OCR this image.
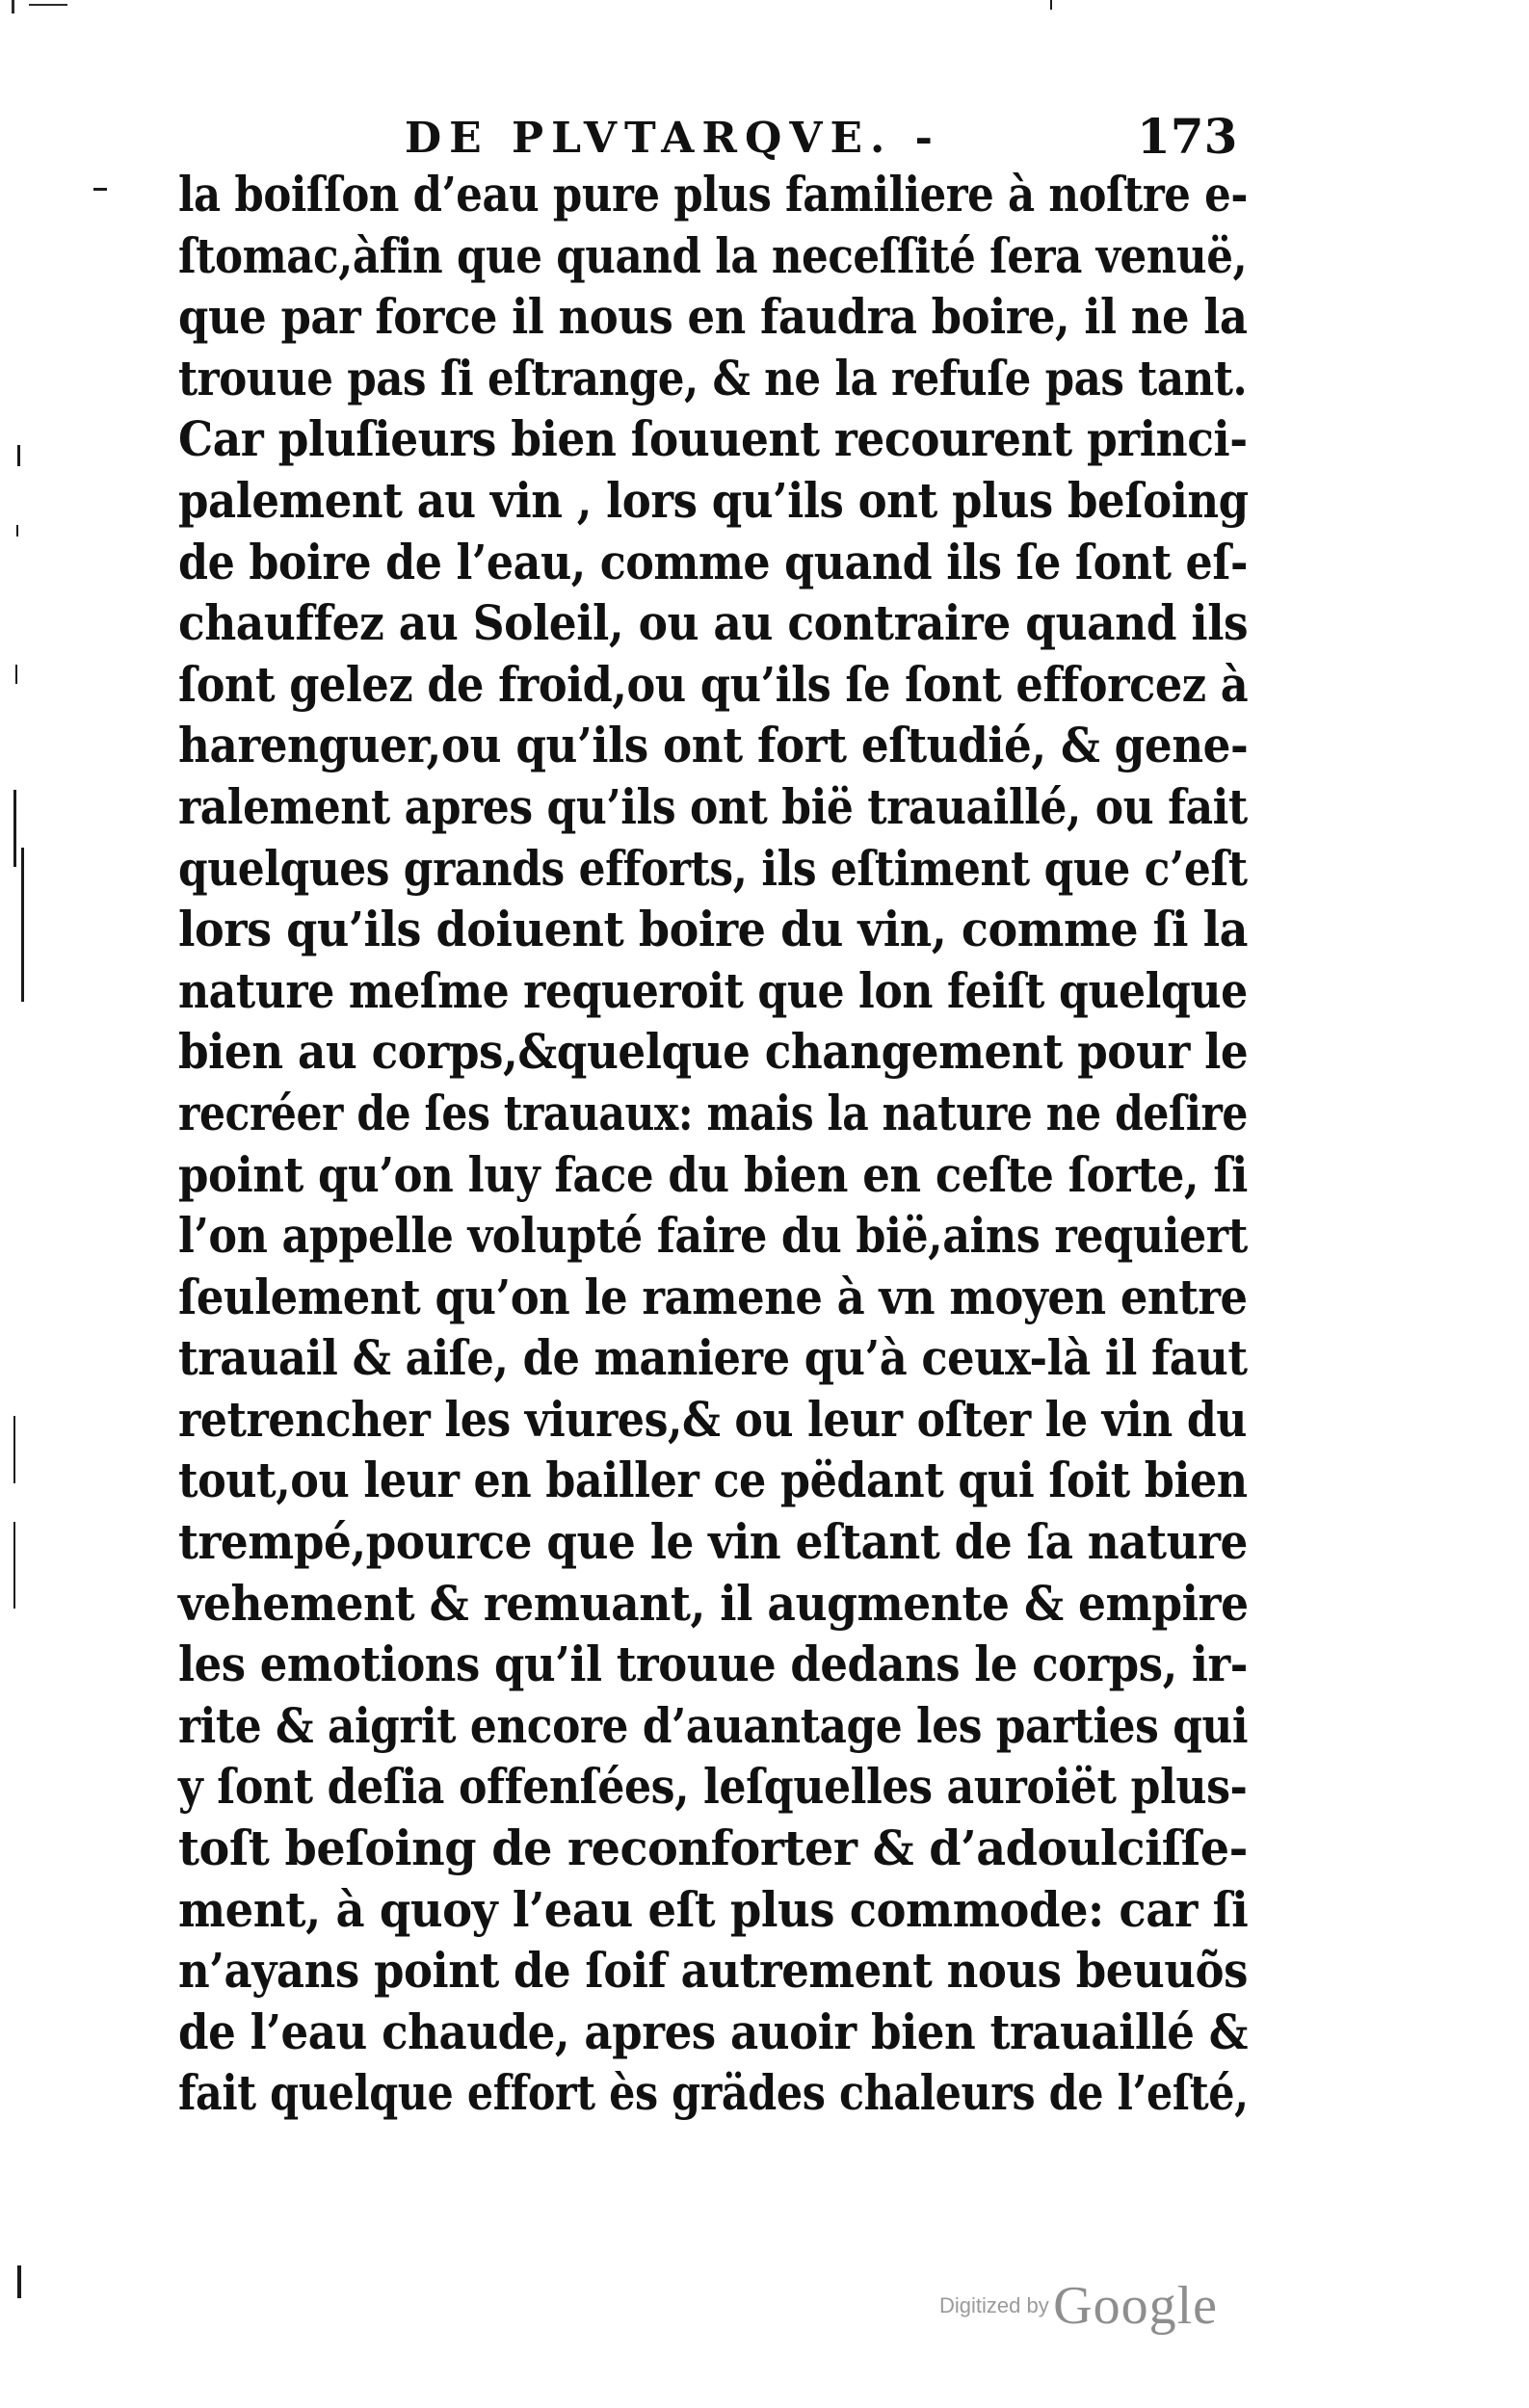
DE PLVTARQVE. -	173
la boiſſon d’eau pure plus familiere à noſtre e-
ſtomac,àfin que quand la neceſſité ſera venuë,
que par force il nous en faudra boire, il ne la
trouue pas ſi eſtrange, & ne la refuſe pas tant.
Car pluſieurs bien ſouuent recourent princi-
palement au vin , lors qu’ils ont plus beſoing
de boire de l’eau, comme quand ils ſe ſont eſ-
chauffez au Soleil, ou au contraire quand ils
ſont gelez de froid,ou qu’ils ſe ſont efforcez à
harenguer,ou qu’ils ont fort eſtudié, & gene-
ralement apres qu’ils ont bië trauaillé, ou fait
quelques grands efforts, ils eſtiment que c’eſt
lors qu’ils doiuent boire du vin, comme ſi la
nature meſme requeroit que lon feiſt quelque
bien au corps,&quelque changement pour le
recréer de ſes trauaux: mais la nature ne deſire
point qu’on luy face du bien en ceſte ſorte, ſi
l’on appelle volupté faire du bië,ains requiert
ſeulement qu’on le ramene à vn moyen entre
trauail & aiſe, de maniere qu’à ceux-là il faut
retrencher les viures,& ou leur oſter le vin du
tout,ou leur en bailler ce pëdant qui ſoit bien
trempé,pource que le vin eſtant de ſa nature
vehement & remuant, il augmente & empire
les emotions qu’il trouue dedans le corps, ir-
rite & aigrit encore d’auantage les parties qui
y ſont deſia offenſées, leſquelles auroiët plus-
toſt beſoing de reconforter & d’adoulciſſe-
ment, à quoy l’eau eſt plus commode: car ſi
n’ayans point de ſoif autrement nous beuuõs
de l’eau chaude, apres auoir bien trauaillé &
fait quelque effort ès grädes chaleurs de l’eſté,
Digitized by Google
